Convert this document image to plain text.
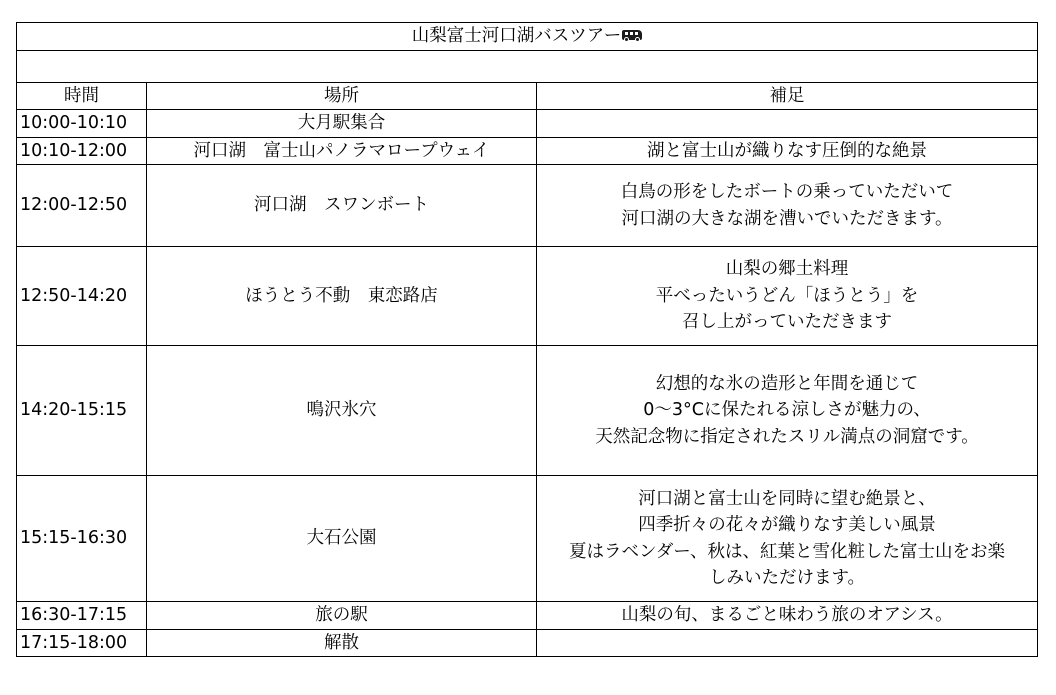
山梨富士河口湖バスツアー		

時間	場所	補足
10:00-10:10	大月駅集合	
10:10-12:00	河口湖　富士山パノラマロープウェイ	湖と富士山が織りなす圧倒的な絶景

12:00-12:50	河口湖　スワンボート	白鳥の形をしたボートの乗っていただいて
河口湖の大きな湖を漕いでいただきます。

12:50-14:20	ほうとう不動　東恋路店	山梨の郷土料理
平べったいうどん「ほうとう」を
召し上がっていただきます

14:20-15:15	鳴沢氷穴	幻想的な氷の造形と年間を通じて
0〜3°Cに保たれる涼しさが魅力の、
天然記念物に指定されたスリル満点の洞窟です。

15:15-16:30	大石公園	河口湖と富士山を同時に望む絶景と、
四季折々の花々が織りなす美しい風景
夏はラベンダー、秋は、紅葉と雪化粧した富士山をお楽
しみいただけます。

16:30-17:15	旅の駅	山梨の旬、まるごと味わう旅のオアシス。

17:15-18:00	解散	
